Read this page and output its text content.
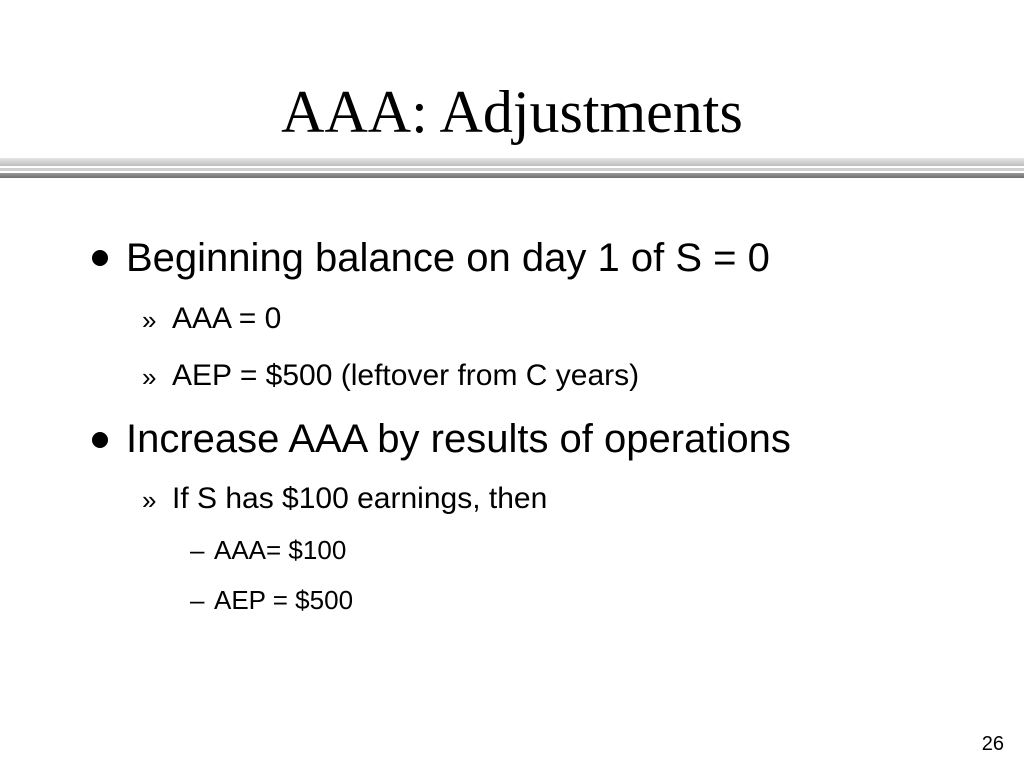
AAA: Adjustments
Beginning balance on day 1 of S = 0
» AAA = 0
» AEP = $500 (leftover from C years)
Increase AAA by results of operations
» If S has $100 earnings, then
– AAA= $100
– AEP = $500
26
